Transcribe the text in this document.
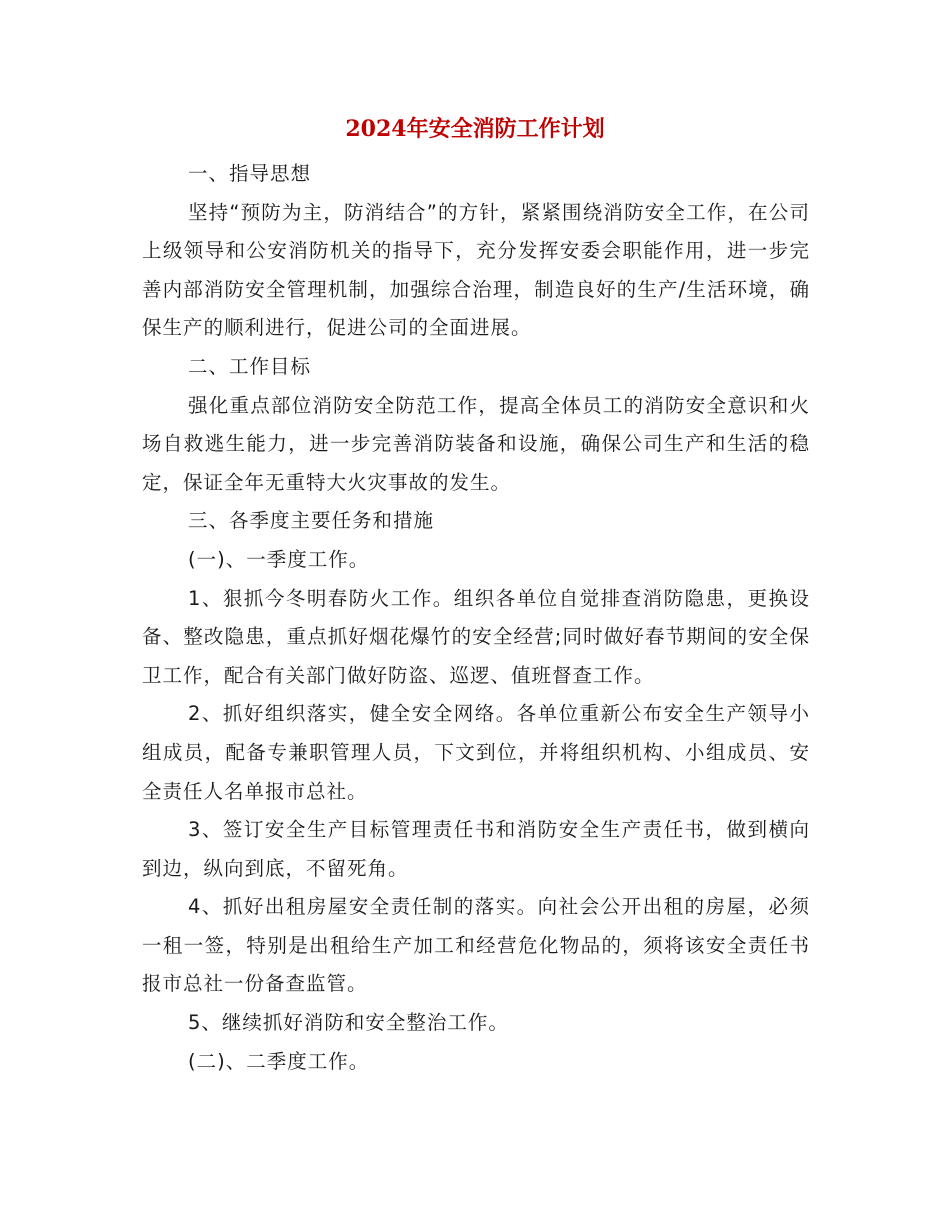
2024年安全消防工作计划

一、指导思想

坚持“预防为主，防消结合”的方针，紧紧围绕消防安全工作，在公司上级领导和公安消防机关的指导下，充分发挥安委会职能作用，进一步完善内部消防安全管理机制，加强综合治理，制造良好的生产/生活环境，确保生产的顺利进行，促进公司的全面进展。

二、工作目标

强化重点部位消防安全防范工作，提高全体员工的消防安全意识和火场自救逃生能力，进一步完善消防装备和设施，确保公司生产和生活的稳定，保证全年无重特大火灾事故的发生。

三、各季度主要任务和措施

(一)、一季度工作。

1、狠抓今冬明春防火工作。组织各单位自觉排查消防隐患，更换设备、整改隐患，重点抓好烟花爆竹的安全经营;同时做好春节期间的安全保卫工作，配合有关部门做好防盗、巡逻、值班督查工作。

2、抓好组织落实，健全安全网络。各单位重新公布安全生产领导小组成员，配备专兼职管理人员，下文到位，并将组织机构、小组成员、安全责任人名单报市总社。

3、签订安全生产目标管理责任书和消防安全生产责任书，做到横向到边，纵向到底，不留死角。

4、抓好出租房屋安全责任制的落实。向社会公开出租的房屋，必须一租一签，特别是出租给生产加工和经营危化物品的，须将该安全责任书报市总社一份备查监管。

5、继续抓好消防和安全整治工作。

(二)、二季度工作。
